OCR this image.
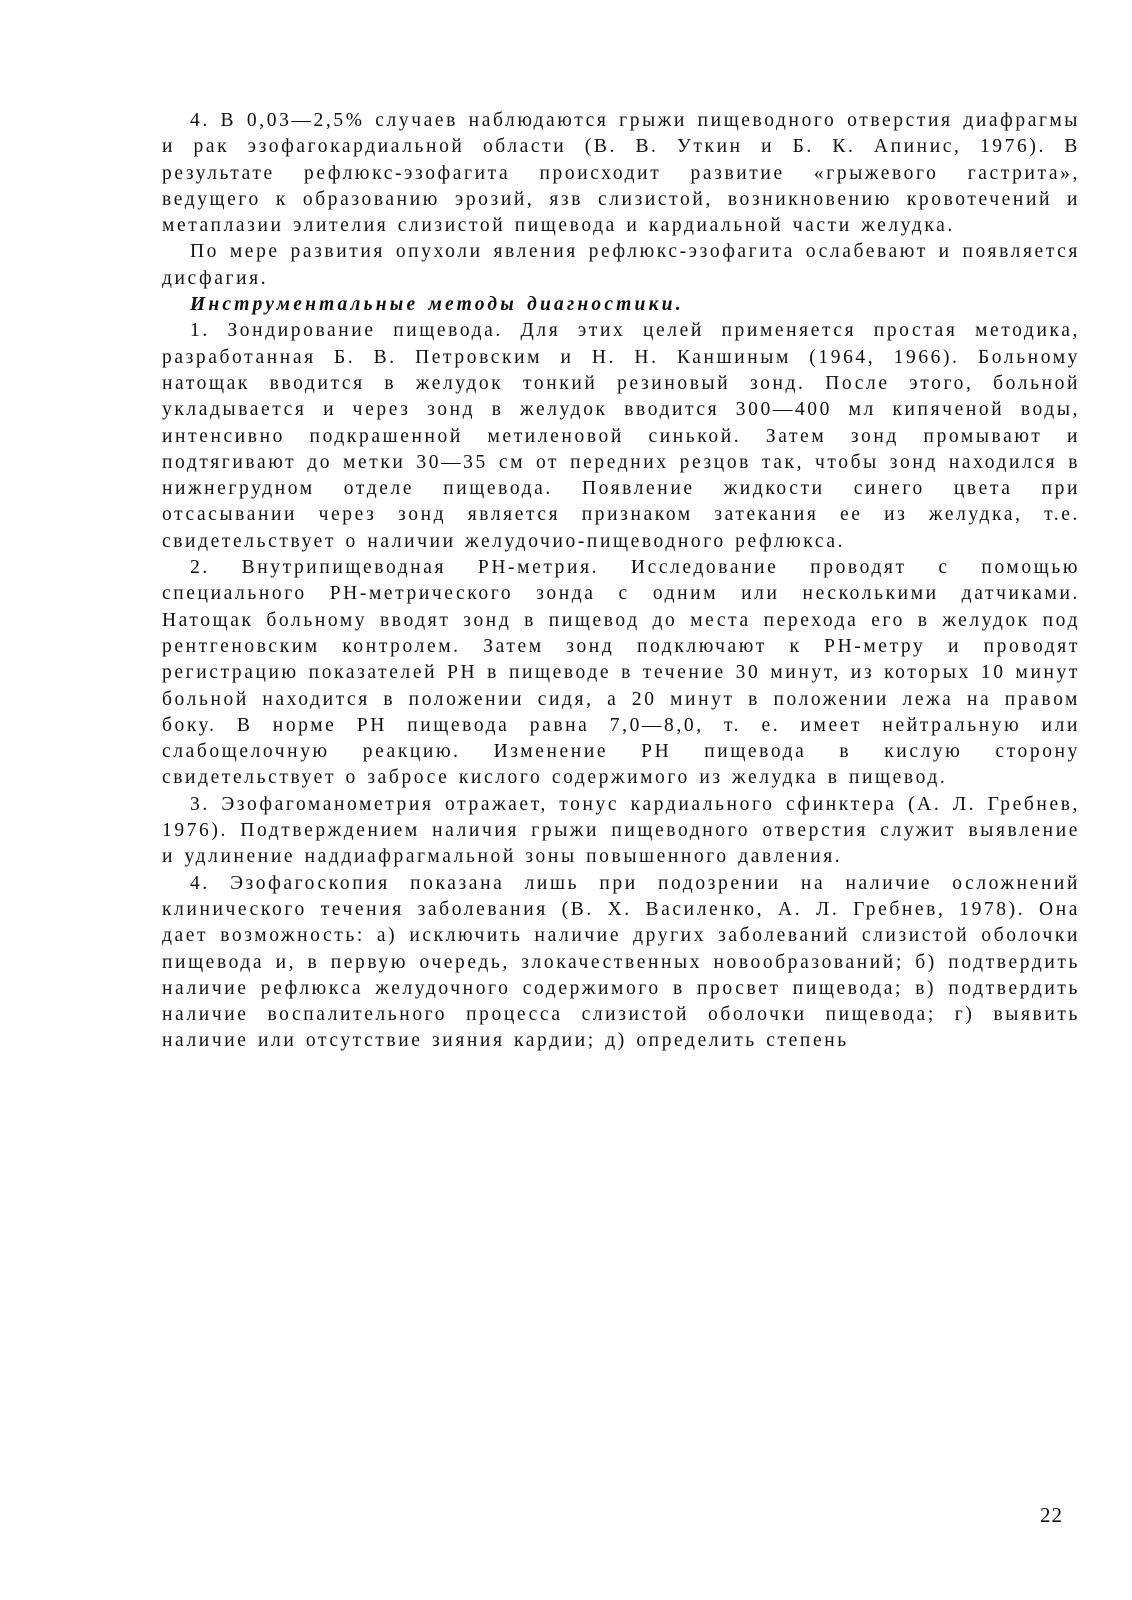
4. В 0,03—2,5% случаев наблюдаются грыжи пищеводного отверстия диафрагмы и рак эзофагокардиальной области (В. В. Уткин и Б. К. Апинис, 1976). В результате рефлюкс-эзофагита происходит развитие «грыжевого гастрита», ведущего к образованию эрозий, язв слизистой, возникновению кровотечений и метаплазии элителия слизистой пищевода и кардиальной части желудка.

По мере развития опухоли явления рефлюкс-эзофагита ослабевают и появляется дисфагия.

Инструментальные методы диагностики.

1. Зондирование пищевода. Для этих целей применяется простая методика, разработанная Б. В. Петровским и Н. Н. Каншиным (1964, 1966). Больному натощак вводится в желудок тонкий резиновый зонд. После этого, больной укладывается и через зонд в желудок вводится 300—400 мл кипяченой воды, интенсивно подкрашенной метиленовой синькой. Затем зонд промывают и подтягивают до метки 30—35 см от передних резцов так, чтобы зонд находился в нижнегрудном отделе пищевода. Появление жидкости синего цвета при отсасывании через зонд является признаком затекания ее из желудка, т.е. свидетельствует о наличии желудочио-пищеводного рефлюкса.

2. Внутрипищеводная PH-метрия. Исследование проводят с помощью специального PH-метрического зонда с одним или несколькими датчиками. Натощак больному вводят зонд в пищевод до места перехода его в желудок под рентгеновским контролем. Затем зонд подключают к PH-метру и проводят регистрацию показателей PH в пищеводе в течение 30 минут, из которых 10 минут больной находится в положении сидя, а 20 минут в положении лежа на правом боку. В норме PH пищевода равна 7,0—8,0, т. е. имеет нейтральную или слабощелочную реакцию. Изменение PH пищевода в кислую сторону свидетельствует о забросе кислого содержимого из желудка в пищевод.

3. Эзофагоманометрия отражает, тонус кардиального сфинктера (А. Л. Гребнев, 1976). Подтверждением наличия грыжи пищеводного отверстия служит выявление и удлинение наддиафрагмальной зоны повышенного давления.

4. Эзофагоскопия показана лишь при подозрении на наличие осложнений клинического течения заболевания (В. Х. Василенко, А. Л. Гребнев, 1978). Она дает возможность: а) исключить наличие других заболеваний слизистой оболочки пищевода и, в первую очередь, злокачественных новообразований; б) подтвердить наличие рефлюкса желудочного содержимого в просвет пищевода; в) подтвердить наличие воспалительного процесса слизистой оболочки пищевода; г) выявить наличие или отсутствие зияния кардии; д) определить степень

22
